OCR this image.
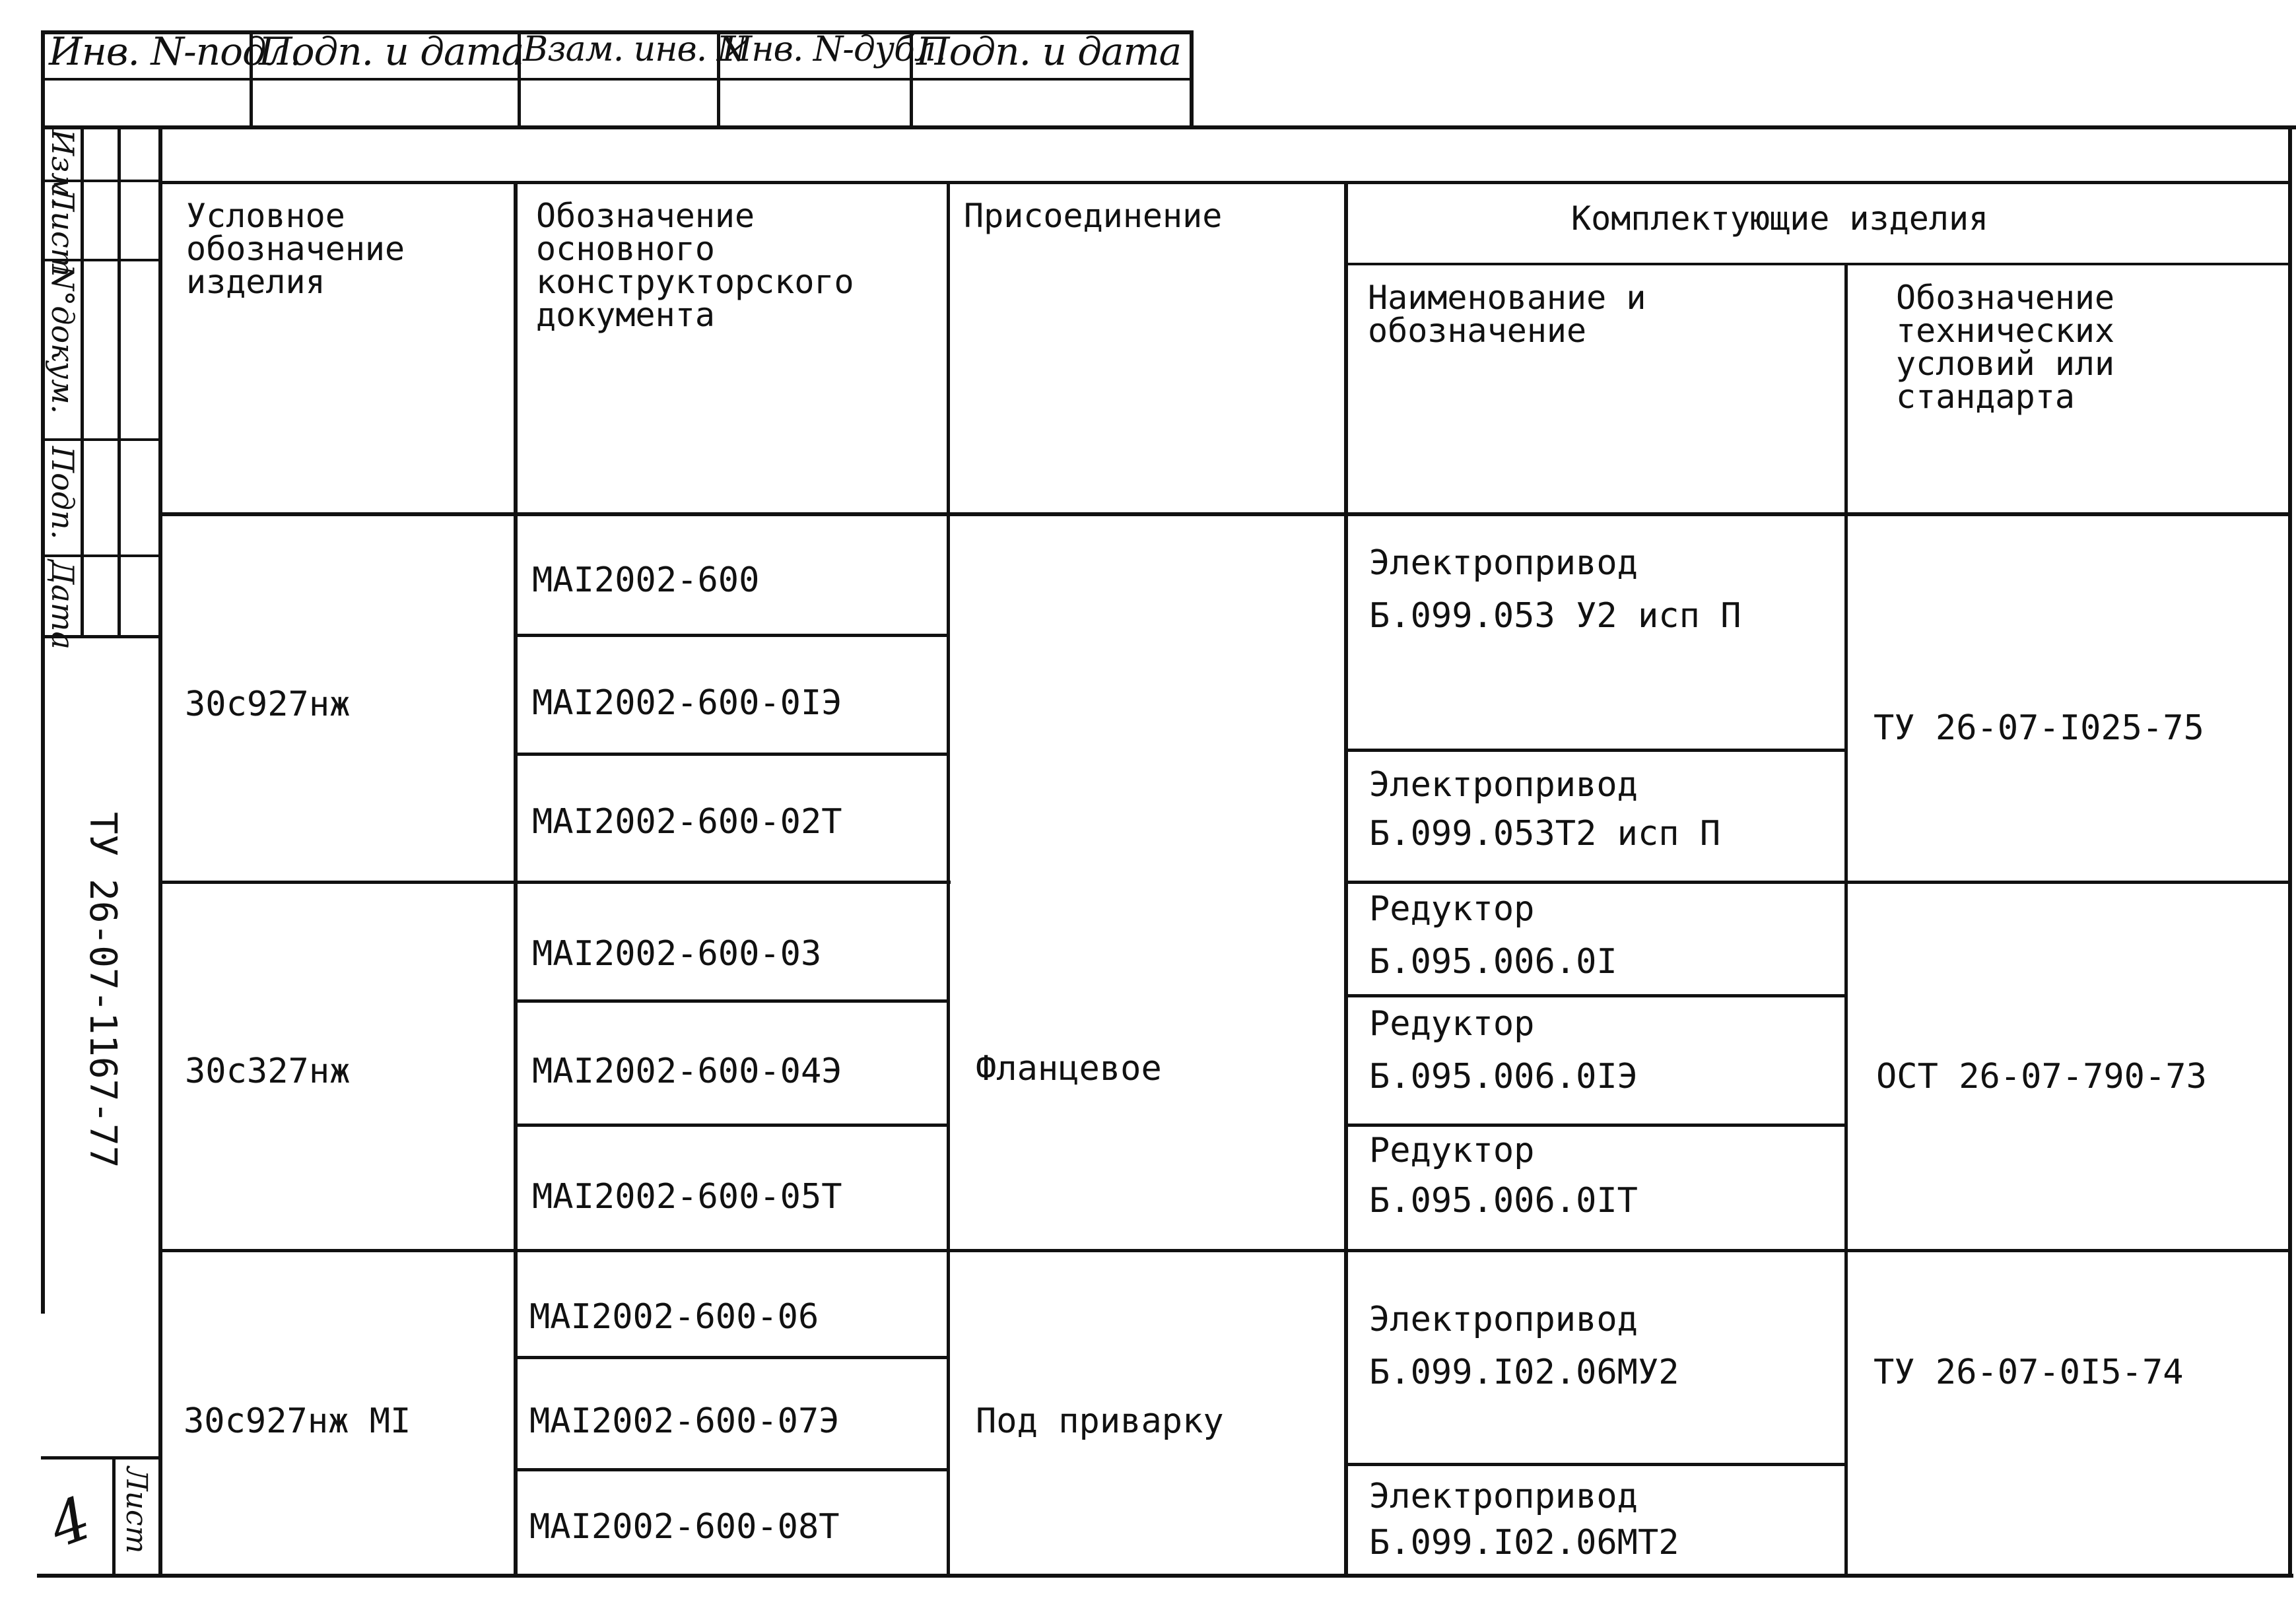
Инв. N-подл.
Подп. и дата
Взам. инв. N
Инв. N-дубл.
Подп. и дата
Изм.
Лист
N°докум.
Подп.
Дата
ТУ 26-07-1167-77
4 Лист
Условное
обозначение
изделия
Обозначение
основного
конструкторского
документа
Присоединение	Комплектующие изделия
Наименование и
обозначение
Обозначение
технических
условий или
стандарта
30с927нж
30с327нж
30с927нж МI
МАI2002-600
МАI2002-600-0IЭ
МАI2002-600-02Т
МАI2002-600-03
МАI2002-600-04Э
МАI2002-600-05Т
МАI2002-600-06
МАI2002-600-07Э
МАI2002-600-08Т
Фланцевое
Под приварку
Электропривод
Б.099.053 У2 исп П
Электропривод
Б.099.053Т2 исп П
Редуктор
Б.095.006.0I
Редуктор
Б.095.006.0IЭ
Редуктор
Б.095.006.0IТ
Электропривод
Б.099.I02.06МУ2
Электропривод
Б.099.I02.06МТ2
ТУ 26-07-I025-75
ОСТ 26-07-790-73
ТУ 26-07-0I5-74
